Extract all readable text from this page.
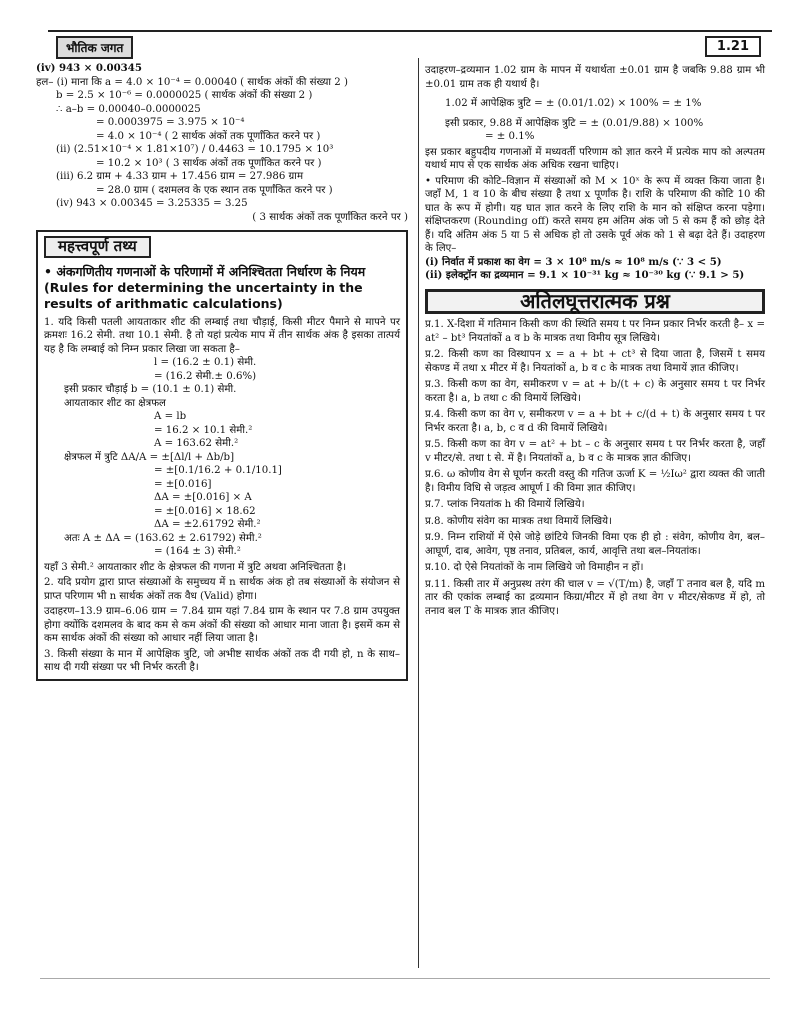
भौतिक जगत	1.21
(iv) 943 × 0.00345
हल– (i) माना कि a = 4.0 × 10⁻⁴ = 0.00040 ( सार्थक अंकों की संख्या 2 )
b = 2.5 × 10⁻⁶ = 0.0000025 ( सार्थक अंकों की संख्या 2 )
∴ a–b = 0.00040–0.0000025
= 0.0003975 = 3.975 × 10⁻⁴
= 4.0 × 10⁻⁴ ( 2 सार्थक अंकों तक पूर्णांकित करने पर )
(ii) (2.51×10⁻⁴ × 1.81×10⁷) / 0.4463 = 10.1795 × 10³
= 10.2 × 10³ ( 3 सार्थक अंकों तक पूर्णांकित करने पर )
(iii) 6.2 ग्राम + 4.33 ग्राम + 17.456 ग्राम = 27.986 ग्राम
= 28.0 ग्राम ( दशमलव के एक स्थान तक पूर्णांकित करने पर )
(iv) 943 × 0.00345 = 3.25335 = 3.25
( 3 सार्थक अंकों तक पूर्णांकित करने पर )
महत्त्वपूर्ण तथ्य
• अंकगणितीय गणनाओं के परिणामों में अनिश्चितता निर्धारण के नियम (Rules for determining the uncertainty in the results of arithmatic calculations)
1. यदि किसी पतली आयताकार शीट की लम्बाई तथा चौड़ाई, किसी मीटर पैमाने से मापने पर क्रमशः 16.2 सेमी. तथा 10.1 सेमी. है तो यहां प्रत्येक माप में तीन सार्थक अंक है इसका तात्पर्य यह है कि लम्बाई को निम्न प्रकार लिखा जा सकता है–
l = (16.2 ± 0.1) सेमी.
= (16.2 सेमी.± 0.6%)
इसी प्रकार चौड़ाई b = (10.1 ± 0.1) सेमी.
आयताकार शीट का क्षेत्रफल
A = lb
= 16.2 × 10.1 सेमी.²
A = 163.62 सेमी.²
क्षेत्रफल में त्रुटि ΔA/A = ±[Δl/l + Δb/b]
= ±[0.1/16.2 + 0.1/10.1]
= ±[0.016]
ΔA = ±[0.016] × A
= ±[0.016] × 18.62
ΔA = ±2.61792 सेमी.²
अतः A ± ΔA = (163.62 ± 2.61792) सेमी.²
= (164 ± 3) सेमी.²
यहाँ 3 सेमी.² आयताकार शीट के क्षेत्रफल की गणना में त्रुटि अथवा अनिश्चितता है।
2. यदि प्रयोग द्वारा प्राप्त संख्याओं के समुच्चय में n सार्थक अंक हो तब संख्याओं के संयोजन से प्राप्त परिणाम भी n सार्थक अंकों तक वैध (Valid) होगा।
उदाहरण–13.9 ग्राम–6.06 ग्राम = 7.84 ग्राम यहां 7.84 ग्राम के स्थान पर 7.8 ग्राम उपयुक्त होगा क्योंकि दशमलव के बाद कम से कम अंकों की संख्या को आधार माना जाता है। इसमें कम से कम सार्थक अंकों की संख्या को आधार नहीं लिया जाता है।
3. किसी संख्या के मान में आपेक्षिक त्रुटि, जो अभीष्ट सार्थक अंकों तक दी गयी हो, n के साथ–साथ दी गयी संख्या पर भी निर्भर करती है।
उदाहरण–द्रव्यमान 1.02 ग्राम के मापन में यथार्थता ±0.01 ग्राम है जबकि 9.88 ग्राम भी ±0.01 ग्राम तक ही यथार्थ है।
1.02 में आपेक्षिक त्रुटि = ± (0.01/1.02) × 100% = ± 1%
इसी प्रकार, 9.88 में आपेक्षिक त्रुटि = ± (0.01/9.88) × 100%
= ± 0.1%
इस प्रकार बहुपदीय गणनाओं में मध्यवर्ती परिणाम को ज्ञात करने में प्रत्येक माप को अल्पतम यथार्थ माप से एक सार्थक अंक अधिक रखना चाहिए।
• परिमाण की कोटि–विज्ञान में संख्याओं को M × 10ˣ के रूप में व्यक्त किया जाता है। जहाँ M, 1 व 10 के बीच संख्या है तथा x पूर्णांक है। राशि के परिमाण की कोटि 10 की घात के रूप में होगी। यह घात ज्ञात करने के लिए राशि के मान को संक्षिप्त करना पड़ेगा। संक्षिप्तकरण (Rounding off) करते समय हम अंतिम अंक जो 5 से कम हैं को छोड़ देते हैं। यदि अंतिम अंक 5 या 5 से अधिक हो तो उसके पूर्व अंक को 1 से बढ़ा देते हैं। उदाहरण के लिए–
(i) निर्वात में प्रकाश का वेग = 3 × 10⁸ m/s ≈ 10⁸ m/s (∵ 3 < 5)
(ii) इलेक्ट्रॉन का द्रव्यमान = 9.1 × 10⁻³¹ kg ≈ 10⁻³⁰ kg (∵ 9.1 > 5)
अतिलघूत्तरात्मक प्रश्न
प्र.1. X-दिशा में गतिमान किसी कण की स्थिति समय t पर निम्न प्रकार निर्भर करती है– x = at² – bt³ नियतांकों a व b के मात्रक तथा विमीय सूत्र लिखिये।
प्र.2. किसी कण का विस्थापन x = a + bt + ct³ से दिया जाता है, जिसमें t समय सेकण्ड में तथा x मीटर में है। नियतांकों a, b व c के मात्रक तथा विमायें ज्ञात कीजिए।
प्र.3. किसी कण का वेग, समीकरण v = at + b/(t + c) के अनुसार समय t पर निर्भर करता है। a, b तथा c की विमायें लिखिये।
प्र.4. किसी कण का वेग v, समीकरण v = a + bt + c/(d + t) के अनुसार समय t पर निर्भर करता है। a, b, c व d की विमायें लिखिये।
प्र.5. किसी कण का वेग v = at² + bt – c के अनुसार समय t पर निर्भर करता है, जहाँ v मीटर/से. तथा t से. में है। नियतांकों a, b व c के मात्रक ज्ञात कीजिए।
प्र.6. ω कोणीय वेग से घूर्णन करती वस्तु की गतिज ऊर्जा K = ½Iω² द्वारा व्यक्त की जाती है। विमीय विधि से जड़त्व आघूर्ण I की विमा ज्ञात कीजिए।
प्र.7. प्लांक नियतांक h की विमायें लिखिये।
प्र.8. कोणीय संवेग का मात्रक तथा विमायें लिखिये।
प्र.9. निम्न राशियों में ऐसे जोड़े छांटिये जिनकी विमा एक ही हो : संवेग, कोणीय वेग, बल–आघूर्ण, दाब, आवेग, पृष्ठ तनाव, प्रतिबल, कार्य, आवृत्ति तथा बल–नियतांक।
प्र.10. दो ऐसे नियतांकों के नाम लिखिये जो विमाहीन न हों।
प्र.11. किसी तार में अनुप्रस्थ तरंग की चाल v = √(T/m) है, जहाँ T तनाव बल है, यदि m तार की एकांक लम्बाई का द्रव्यमान किग्रा/मीटर में हो तथा वेग v मीटर/सेकण्ड में हो, तो तनाव बल T के मात्रक ज्ञात कीजिए।
